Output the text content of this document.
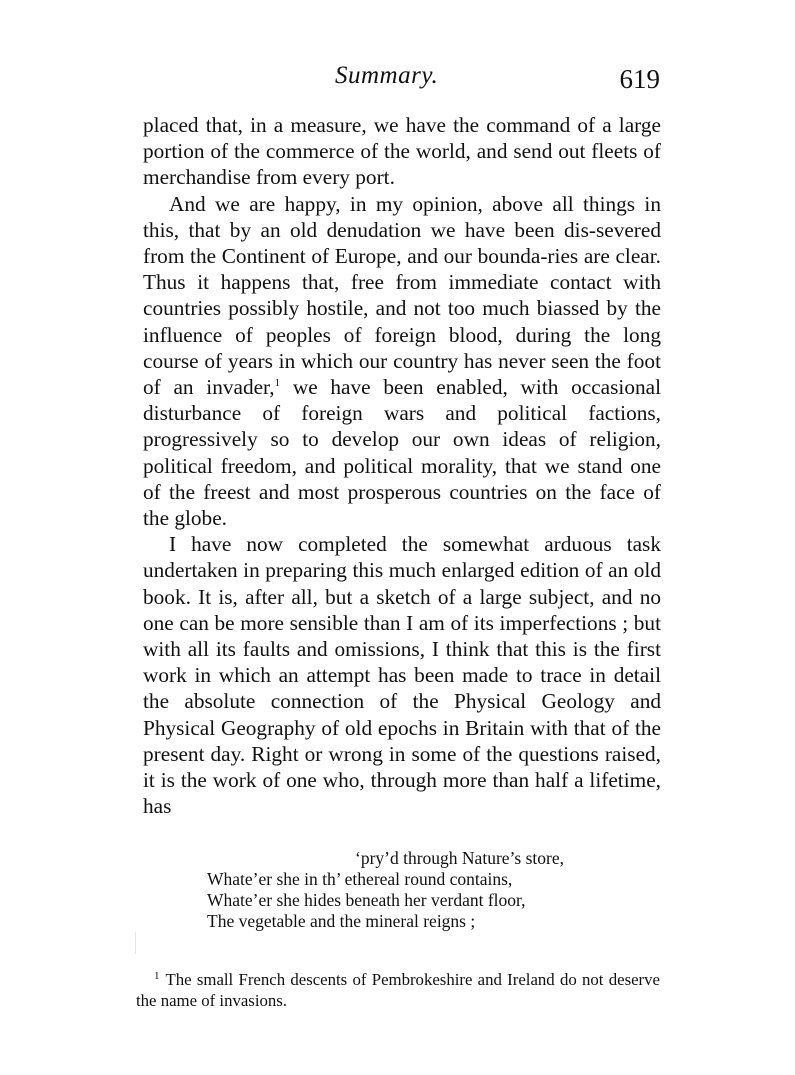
Summary.	619

placed that, in a measure, we have the command of a large portion of the commerce of the world, and send out fleets of merchandise from every port.

And we are happy, in my opinion, above all things in this, that by an old denudation we have been dis-severed from the Continent of Europe, and our bounda-ries are clear. Thus it happens that, free from immediate contact with countries possibly hostile, and not too much biassed by the influence of peoples of foreign blood, during the long course of years in which our country has never seen the foot of an invader,$^1$ we have been enabled, with occasional disturbance of foreign wars and political factions, progressively so to develop our own ideas of religion, political freedom, and political morality, that we stand one of the freest and most prosperous countries on the face of the globe.

I have now completed the somewhat arduous task undertaken in preparing this much enlarged edition of an old book. It is, after all, but a sketch of a large subject, and no one can be more sensible than I am of its imperfections ; but with all its faults and omissions, I think that this is the first work in which an attempt has been made to trace in detail the absolute connection of the Physical Geology and Physical Geography of old epochs in Britain with that of the present day. Right or wrong in some of the questions raised, it is the work of one who, through more than half a lifetime, has

‘pry’d through Nature’s store,
Whate’er she in th’ ethereal round contains,
Whate’er she hides beneath her verdant floor,
The vegetable and the mineral reigns ;
$^1$ The small French descents of Pembrokeshire and Ireland do not deserve the name of invasions.
